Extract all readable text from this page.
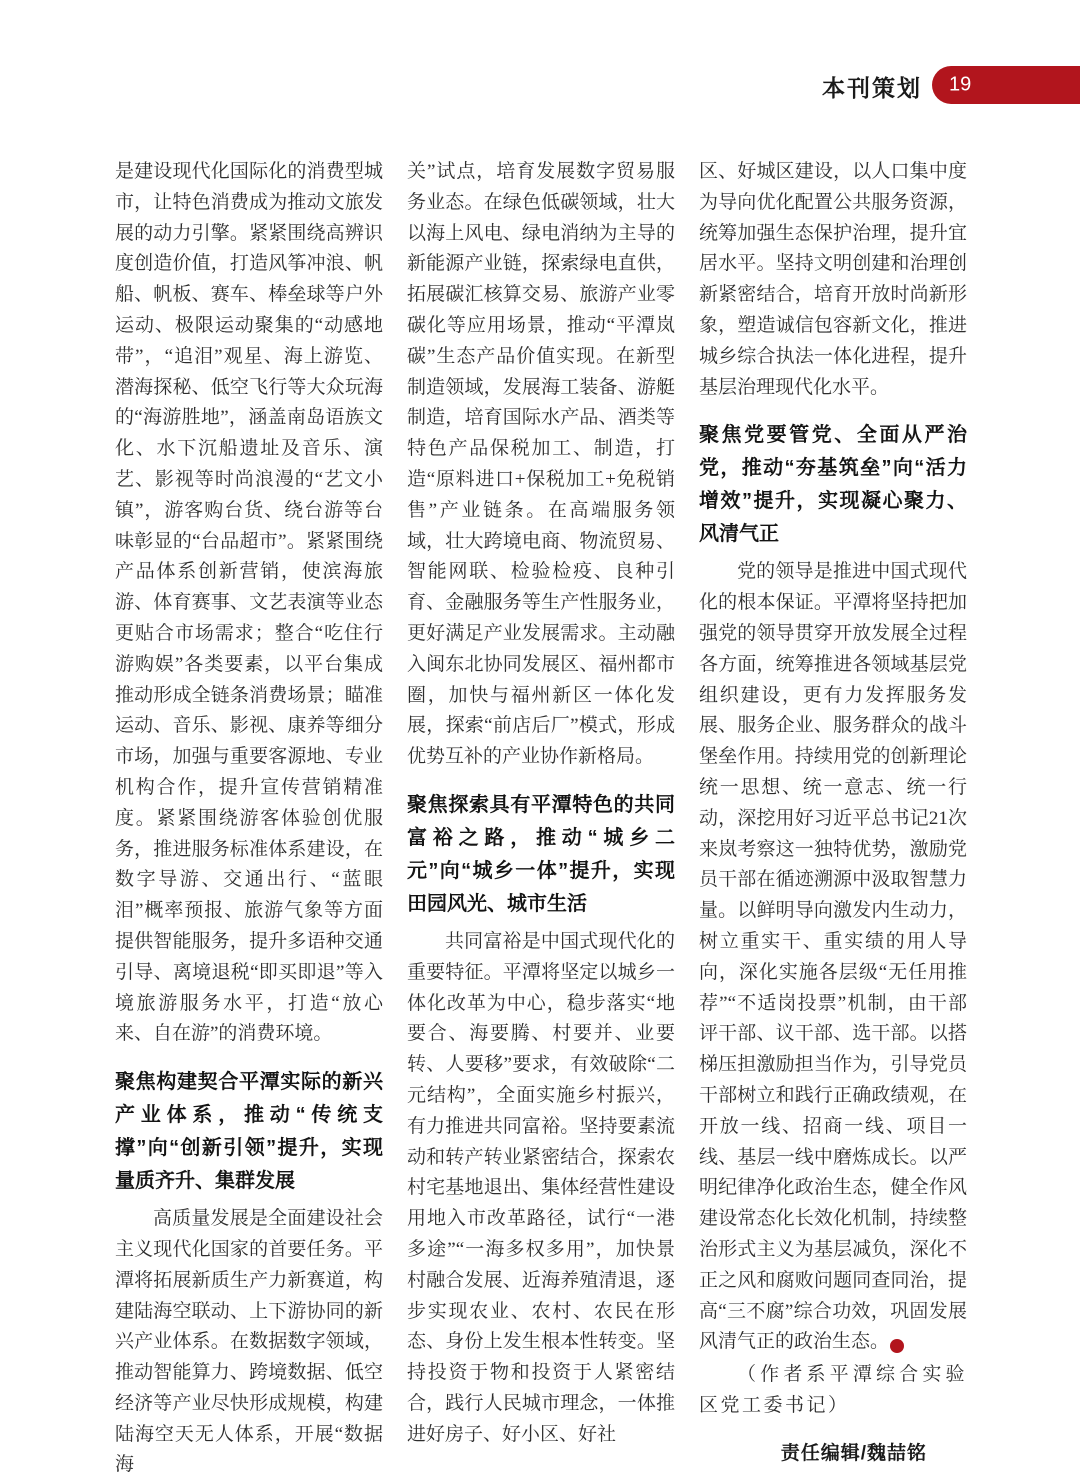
本刊策划 19

是建设现代化国际化的消费型城市，让特色消费成为推动文旅发展的动力引擎。紧紧围绕高辨识度创造价值，打造风筝冲浪、帆船、帆板、赛车、棒垒球等户外运动、极限运动聚集的“动感地带”，“追泪”观星、海上游览、潜海探秘、低空飞行等大众玩海的“海游胜地”，涵盖南岛语族文化、水下沉船遗址及音乐、演艺、影视等时尚浪漫的“艺文小镇”，游客购台货、绕台游等台味彰显的“台品超市”。紧紧围绕产品体系创新营销，使滨海旅游、体育赛事、文艺表演等业态更贴合市场需求；整合“吃住行游购娱”各类要素，以平台集成推动形成全链条消费场景；瞄准运动、音乐、影视、康养等细分市场，加强与重要客源地、专业机构合作，提升宣传营销精准度。紧紧围绕游客体验创优服务，推进服务标准体系建设，在数字导游、交通出行、“蓝眼泪”概率预报、旅游气象等方面提供智能服务，提升多语种交通引导、离境退税“即买即退”等入境旅游服务水平，打造“放心来、自在游”的消费环境。

聚焦构建契合平潭实际的新兴产业体系，推动“传统支撑”向“创新引领”提升，实现量质齐升、集群发展

高质量发展是全面建设社会主义现代化国家的首要任务。平潭将拓展新质生产力新赛道，构建陆海空联动、上下游协同的新兴产业体系。在数据数字领域，推动智能算力、跨境数据、低空经济等产业尽快形成规模，构建陆海空天无人体系，开展“数据海

关”试点，培育发展数字贸易服务业态。在绿色低碳领域，壮大以海上风电、绿电消纳为主导的新能源产业链，探索绿电直供，拓展碳汇核算交易、旅游产业零碳化等应用场景，推动“平潭岚碳”生态产品价值实现。在新型制造领域，发展海工装备、游艇制造，培育国际水产品、酒类等特色产品保税加工、制造，打造“原料进口+保税加工+免税销售”产业链条。在高端服务领域，壮大跨境电商、物流贸易、智能网联、检验检疫、良种引育、金融服务等生产性服务业，更好满足产业发展需求。主动融入闽东北协同发展区、福州都市圈，加快与福州新区一体化发展，探索“前店后厂”模式，形成优势互补的产业协作新格局。

聚焦探索具有平潭特色的共同富裕之路，推动“城乡二元”向“城乡一体”提升，实现田园风光、城市生活

共同富裕是中国式现代化的重要特征。平潭将坚定以城乡一体化改革为中心，稳步落实“地要合、海要腾、村要并、业要转、人要移”要求，有效破除“二元结构”，全面实施乡村振兴，有力推进共同富裕。坚持要素流动和转产转业紧密结合，探索农村宅基地退出、集体经营性建设用地入市改革路径，试行“一港多途”“一海多权多用”，加快景村融合发展、近海养殖清退，逐步实现农业、农村、农民在形态、身份上发生根本性转变。坚持投资于物和投资于人紧密结合，践行人民城市理念，一体推进好房子、好小区、好社

区、好城区建设，以人口集中度为导向优化配置公共服务资源，统筹加强生态保护治理，提升宜居水平。坚持文明创建和治理创新紧密结合，培育开放时尚新形象，塑造诚信包容新文化，推进城乡综合执法一体化进程，提升基层治理现代化水平。

聚焦党要管党、全面从严治党，推动“夯基筑垒”向“活力增效”提升，实现凝心聚力、风清气正

党的领导是推进中国式现代化的根本保证。平潭将坚持把加强党的领导贯穿开放发展全过程各方面，统筹推进各领域基层党组织建设，更有力发挥服务发展、服务企业、服务群众的战斗堡垒作用。持续用党的创新理论统一思想、统一意志、统一行动，深挖用好习近平总书记21次来岚考察这一独特优势，激励党员干部在循迹溯源中汲取智慧力量。以鲜明导向激发内生动力，树立重实干、重实绩的用人导向，深化实施各层级“无任用推荐”“不适岗投票”机制，由干部评干部、议干部、选干部。以搭梯压担激励担当作为，引导党员干部树立和践行正确政绩观，在开放一线、招商一线、项目一线、基层一线中磨炼成长。以严明纪律净化政治生态，健全作风建设常态化长效化机制，持续整治形式主义为基层减负，深化不正之风和腐败问题同查同治，提高“三不腐”综合功效，巩固发展风清气正的政治生态。	H

（作者系平潭综合实验区党工委书记）

责任编辑/魏喆铭
